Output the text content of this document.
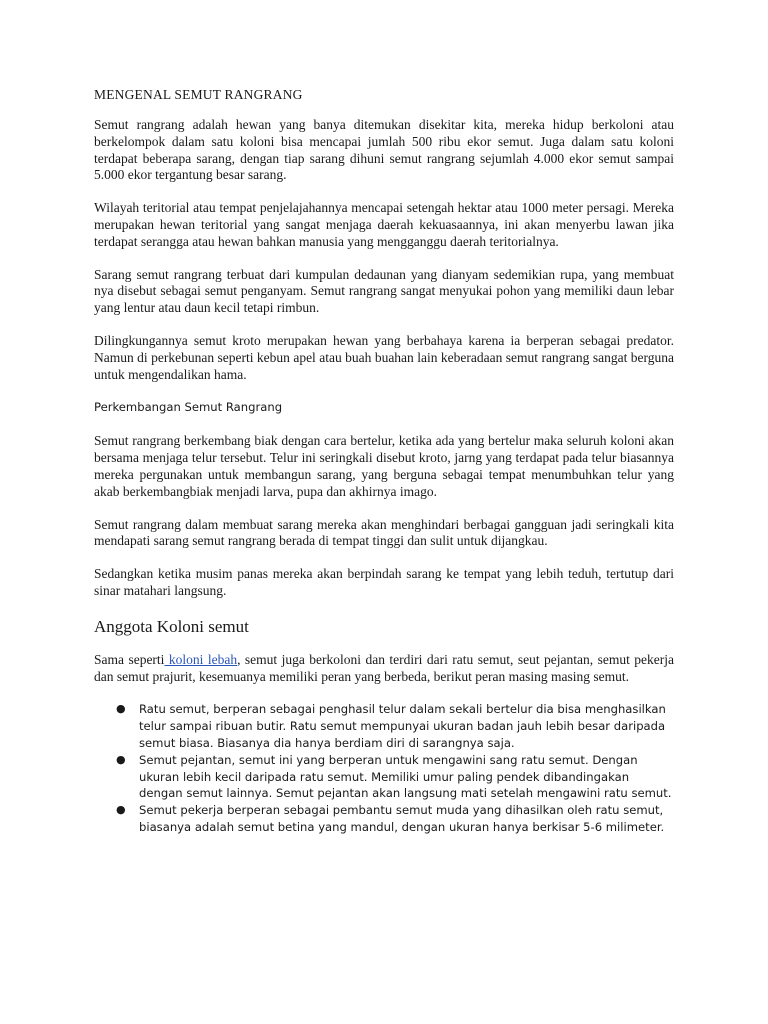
MENGENAL SEMUT RANGRANG

Semut rangrang adalah hewan yang banya ditemukan disekitar kita, mereka hidup berkoloni atau berkelompok dalam satu koloni bisa mencapai jumlah 500 ribu ekor semut. Juga dalam satu koloni terdapat beberapa sarang, dengan tiap sarang dihuni semut rangrang sejumlah 4.000 ekor semut sampai 5.000 ekor tergantung besar sarang.

Wilayah teritorial atau tempat penjelajahannya mencapai setengah hektar atau 1000 meter persagi. Mereka merupakan hewan teritorial yang sangat menjaga daerah kekuasaannya, ini akan menyerbu lawan jika terdapat serangga atau hewan bahkan manusia yang mengganggu daerah teritorialnya.

Sarang semut rangrang terbuat dari kumpulan dedaunan yang dianyam sedemikian rupa, yang membuat nya disebut sebagai semut penganyam. Semut rangrang sangat menyukai pohon yang memiliki daun lebar yang lentur atau daun kecil tetapi rimbun.

Dilingkungannya semut kroto merupakan hewan yang berbahaya karena ia berperan sebagai predator. Namun di perkebunan seperti kebun apel atau buah buahan lain keberadaan semut rangrang sangat berguna untuk mengendalikan hama.

Perkembangan Semut Rangrang

Semut rangrang berkembang biak dengan cara bertelur, ketika ada yang bertelur maka seluruh koloni akan bersama menjaga telur tersebut. Telur ini seringkali disebut kroto, jarng yang terdapat pada telur biasannya mereka pergunakan untuk membangun sarang, yang berguna sebagai tempat menumbuhkan telur yang akab berkembangbiak menjadi larva, pupa dan akhirnya imago.

Semut rangrang dalam membuat sarang mereka akan menghindari berbagai gangguan jadi seringkali kita mendapati sarang semut rangrang berada di tempat tinggi dan sulit untuk dijangkau.

Sedangkan ketika musim panas mereka akan berpindah sarang ke tempat yang lebih teduh, tertutup dari sinar matahari langsung.

Anggota Koloni semut

Sama seperti koloni lebah, semut juga berkoloni dan terdiri dari ratu semut, seut pejantan, semut pekerja dan semut prajurit, kesemuanya memiliki peran yang berbeda, berikut peran masing masing semut.

● Ratu semut, berperan sebagai penghasil telur dalam sekali bertelur dia bisa menghasilkan telur sampai ribuan butir. Ratu semut mempunyai ukuran badan jauh lebih besar daripada semut biasa. Biasanya dia hanya berdiam diri di sarangnya saja.
● Semut pejantan, semut ini yang berperan untuk mengawini sang ratu semut. Dengan ukuran lebih kecil daripada ratu semut. Memiliki umur paling pendek dibandingakan dengan semut lainnya. Semut pejantan akan langsung mati setelah mengawini ratu semut.
● Semut pekerja berperan sebagai pembantu semut muda yang dihasilkan oleh ratu semut, biasanya adalah semut betina yang mandul, dengan ukuran hanya berkisar 5-6 milimeter.
